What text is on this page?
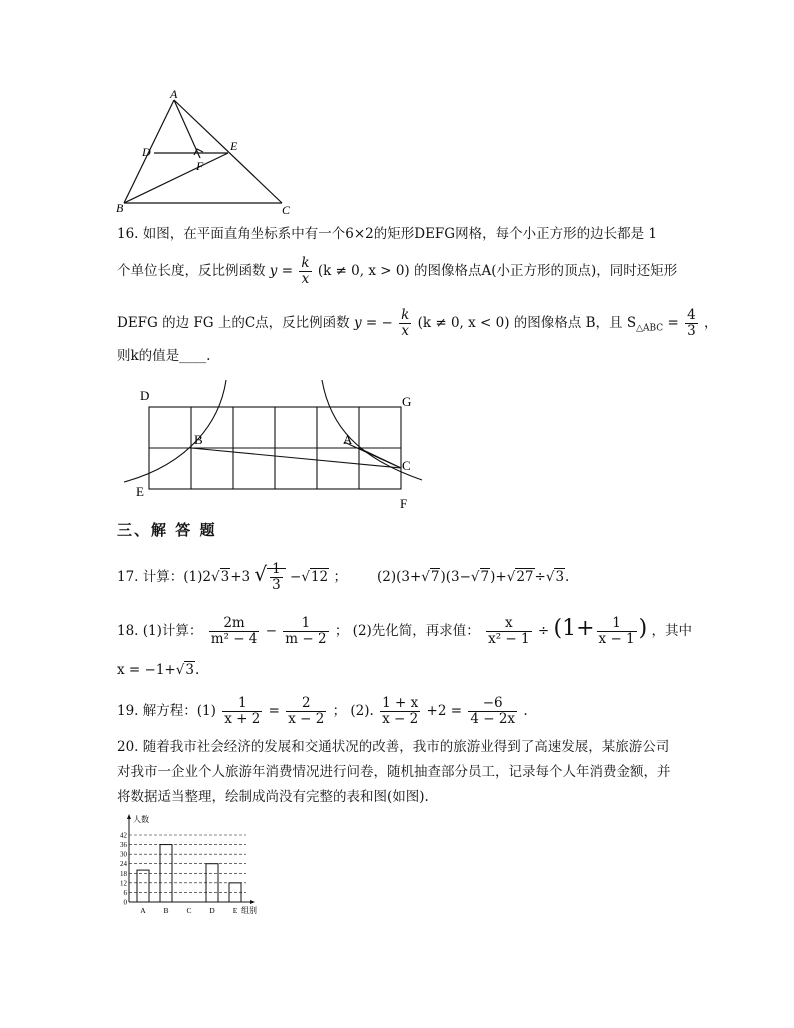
A
D	E
F
B	C
16. 如图，在平面直角坐标系中有一个6×2的矩形DEFG网格，每个小正方形的边长都是 1
个单位长度，反比例函数 $y = \frac{k}{x} (k \ne 0$, x > 0) 的图像格点A(小正方形的顶点)，同时还矩形
DEFG 的边 FG 上的C点，反比例函数 y = − $\frac{k}{x} (k \ne 0$, x < 0) 的图像格点 B，且 $S_{\triangle ABC} = \frac{4}{3}$ ，
则k的值是____.
D	G
B	A
C
E
F
三、解 答 题
17. 计算：(1)2√3+3 √ $\frac{1}{3} -√12$ ； (2)(3+√7)(3−√7)+√27÷√3.
18. (1)计算： $\frac{2m}{\text{m² − 4}} - \frac{1}{m - 2}$ ； (2)先化简，再求值： $\frac{x}{\text{x² − 1}} \div (1+ \frac{1}{x - 1}$ ) ，其中
x = −1+√3.
19. 解方程：$(1) \frac{1}{x + 2} = \frac{2}{x - 2}$ ； (2). $\frac{1 + x}{x - 2} +2 = \frac{-6}{4 - 2x}$ .
20. 随着我市社会经济的发展和交通状况的改善，我市的旅游业得到了高速发展，某旅游公司
对我市一企业个人旅游年消费情况进行问卷，随机抽查部分员工，记录每个人年消费金额，并
将数据适当整理，绘制成尚没有完整的表和图(如图).
0
6
12
18
24
30
36
42
A B C D E
人数
组别
